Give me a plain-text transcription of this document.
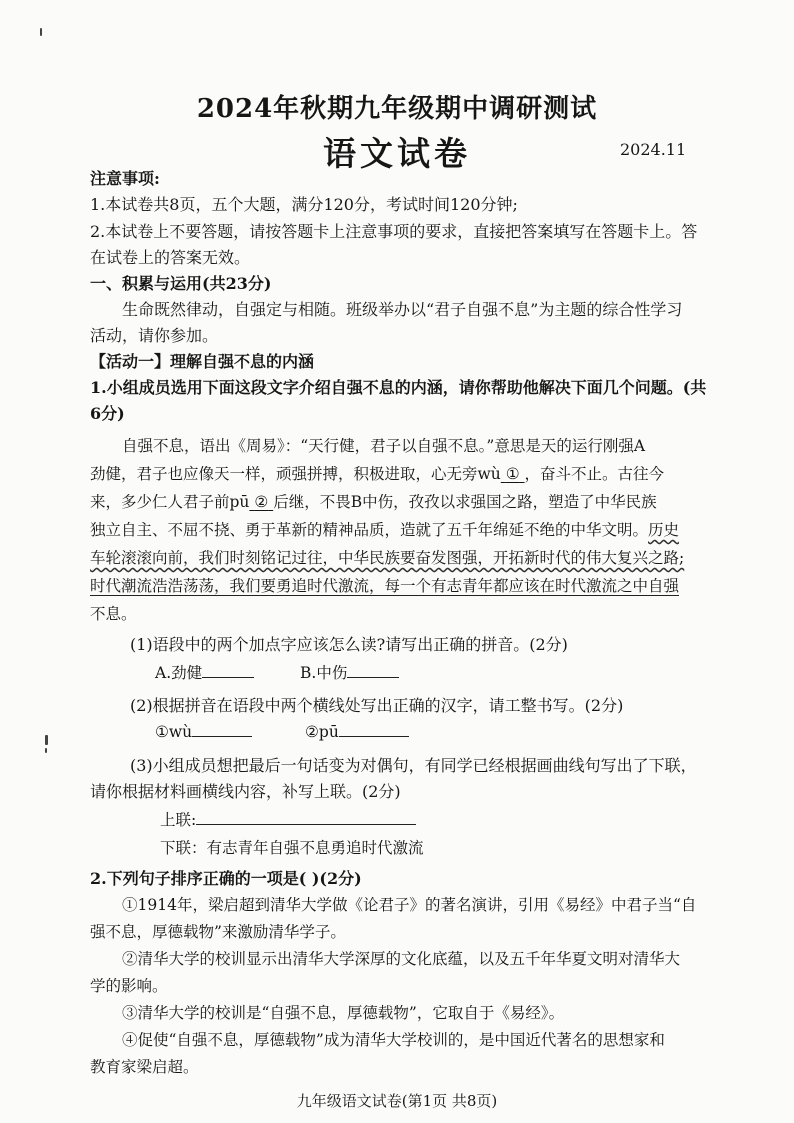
2024年秋期九年级期中调研测试
语文试卷	2024.11
注意事项:
1.本试卷共8页，五个大题，满分120分，考试时间120分钟;
2.本试卷上不要答题，请按答题卡上注意事项的要求，直接把答案填写在答题卡上。答
在试卷上的答案无效。
一、积累与运用(共23分)
生命既然律动，自强定与相随。班级举办以“君子自强不息”为主题的综合性学习
活动，请你参加。
【活动一】理解自强不息的内涵
1.小组成员选用下面这段文字介绍自强不息的内涵，请你帮助他解决下面几个问题。(共
6分)
自强不息，语出《周易》：“天行健，君子以自强不息。”意思是天的运行刚强A
劲健，君子也应像天一样，顽强拼搏，积极进取，心无旁wù ① ，奋斗不止。古往今
来，多少仁人君子前pū ② 后继，不畏B中伤，孜孜以求强国之路，塑造了中华民族
独立自主、不屈不挠、勇于革新的精神品质，造就了五千年绵延不绝的中华文明。历史
车轮滚滚向前，我们时刻铭记过往，中华民族要奋发图强，开拓新时代的伟大复兴之路;
时代潮流浩浩荡荡，我们要勇追时代激流，每一个有志青年都应该在时代激流之中自强
不息。
(1)语段中的两个加点字应该怎么读?请写出正确的拼音。(2分)
A.劲健	B.中伤
(2)根据拼音在语段中两个横线处写出正确的汉字，请工整书写。(2分)
①wù	②pū
(3)小组成员想把最后一句话变为对偶句，有同学已经根据画曲线句写出了下联，
请你根据材料画横线内容，补写上联。(2分)
上联:
下联：有志青年自强不息勇追时代激流
2.下列句子排序正确的一项是( )(2分)
①1914年，梁启超到清华大学做《论君子》的著名演讲，引用《易经》中君子当“自
强不息，厚德载物”来激励清华学子。
②清华大学的校训显示出清华大学深厚的文化底蕴，以及五千年华夏文明对清华大
学的影响。
③清华大学的校训是“自强不息，厚德载物”，它取自于《易经》。
④促使“自强不息，厚德载物”成为清华大学校训的，是中国近代著名的思想家和
教育家梁启超。
九年级语文试卷(第1页 共8页)
